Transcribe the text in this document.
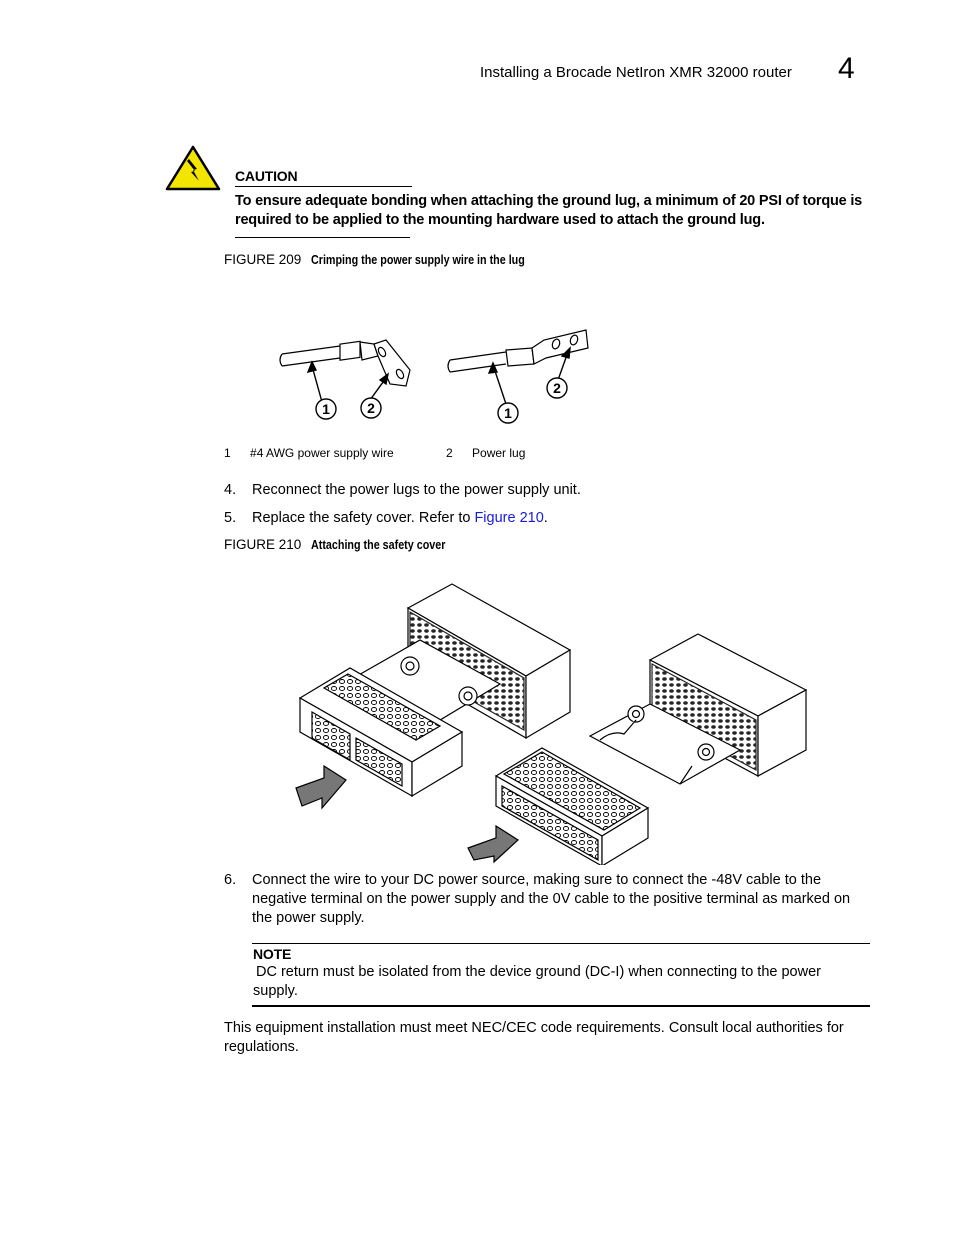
Installing a Brocade NetIron XMR 32000 router 4
CAUTION
To ensure adequate bonding when attaching the ground lug, a minimum of 20 PSI of torque is required to be applied to the mounting hardware used to attach the ground lug.
FIGURE 209 Crimping the power supply wire in the lug
1	2	1
2
1 #4 AWG power supply wire	2 Power lug
4. Reconnect the power lugs to the power supply unit.
5. Replace the safety cover. Refer to Figure 210.
FIGURE 210 Attaching the safety cover
6. Connect the wire to your DC power source, making sure to connect the -48V cable to the negative terminal on the power supply and the 0V cable to the positive terminal as marked on the power supply.
NOTE
DC return must be isolated from the device ground (DC-I) when connecting to the power supply.
This equipment installation must meet NEC/CEC code requirements. Consult local authorities for regulations.
